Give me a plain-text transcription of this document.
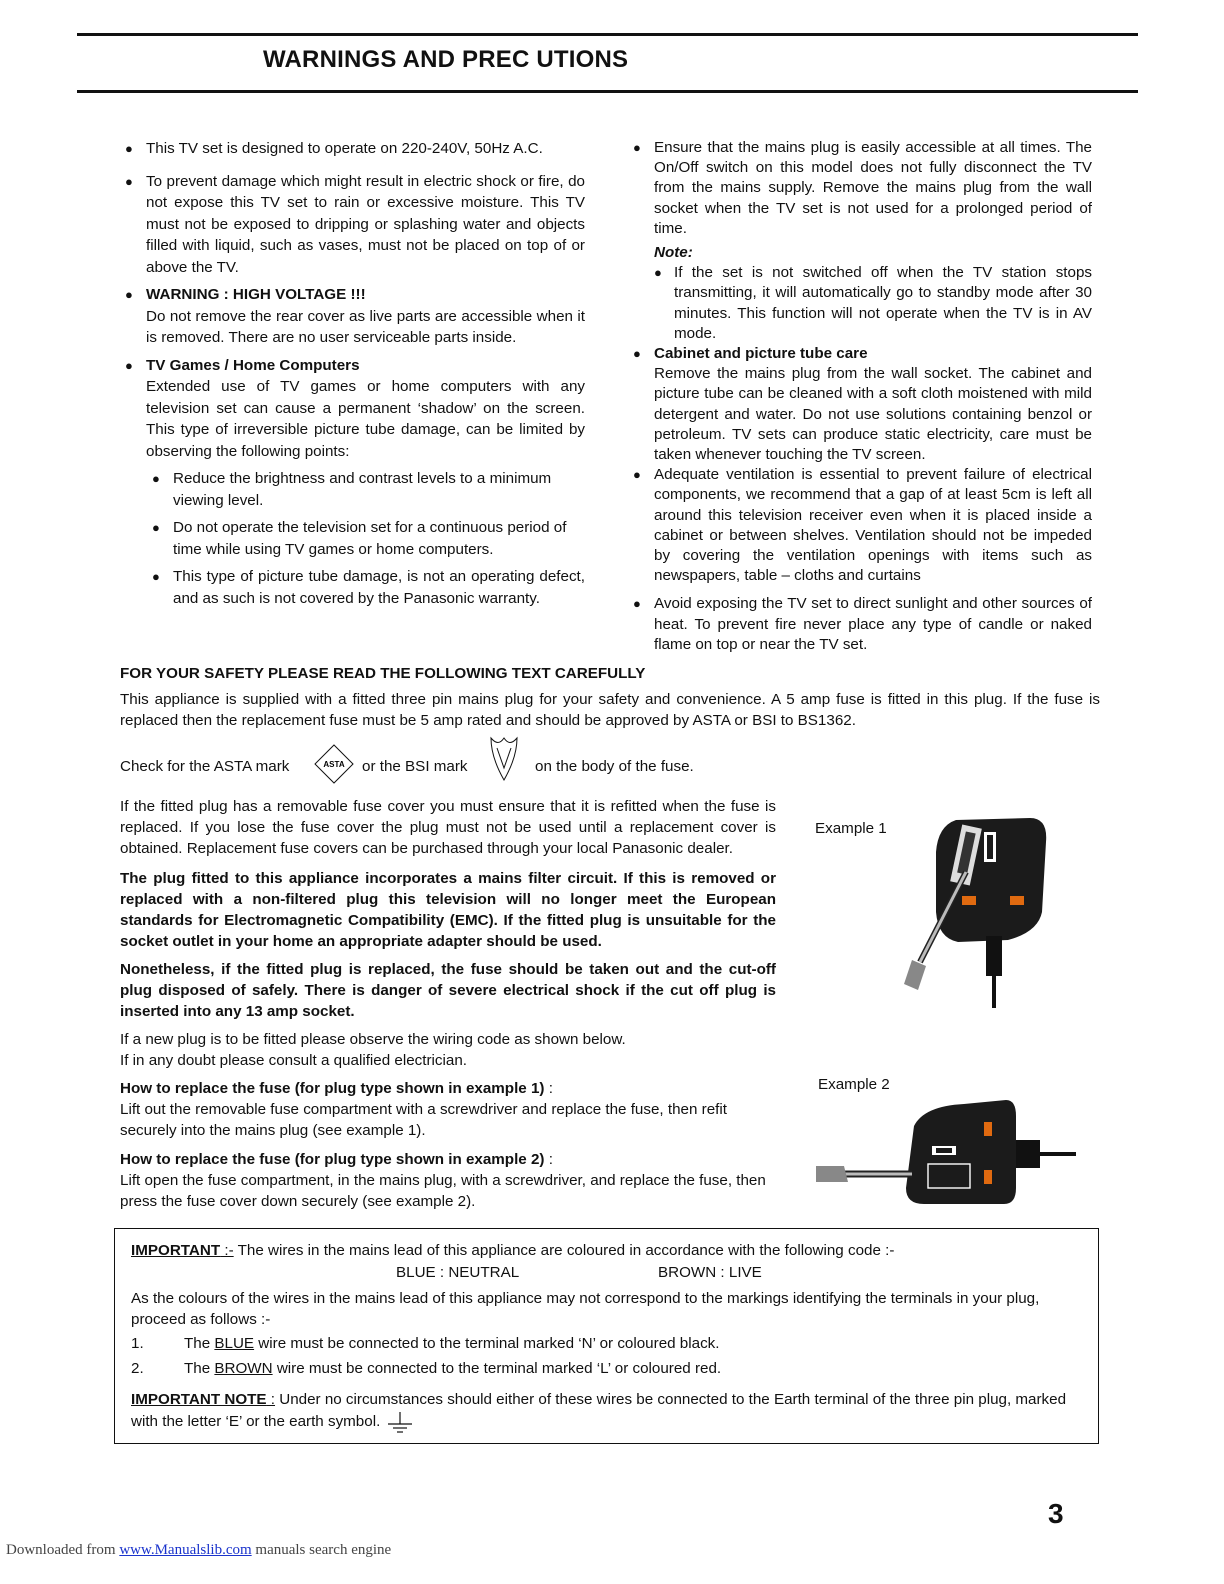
WARNINGS AND PREC UTIONS
● This TV set is designed to operate on 220-240V, 50Hz A.C.
● To prevent damage which might result in electric shock or fire, do not expose this TV set to rain or excessive moisture. This TV must not be exposed to dripping or splashing water and objects filled with liquid, such as vases, must not be placed on top of or above the TV.
● WARNING : HIGH VOLTAGE !!!
Do not remove the rear cover as live parts are accessible when it is removed. There are no user serviceable parts inside.
● TV Games / Home Computers
Extended use of TV games or home computers with any television set can cause a permanent ‘shadow’ on the screen. This type of irreversible picture tube damage, can be limited by observing the following points:
● Reduce the brightness and contrast levels to a minimum viewing level.
● Do not operate the television set for a continuous period of time while using TV games or home computers.
● This type of picture tube damage, is not an operating defect, and as such is not covered by the Panasonic warranty.
● Ensure that the mains plug is easily accessible at all times. The On/Off switch on this model does not fully disconnect the TV from the mains supply. Remove the mains plug from the wall socket when the TV set is not used for a prolonged period of time.
Note:
● If the set is not switched off when the TV station stops transmitting, it will automatically go to standby mode after 30 minutes. This function will not operate when the TV is in AV mode.
● Cabinet and picture tube care
Remove the mains plug from the wall socket. The cabinet and picture tube can be cleaned with a soft cloth moistened with mild detergent and water. Do not use solutions containing benzol or petroleum. TV sets can produce static electricity, care must be taken whenever touching the TV screen.
● Adequate ventilation is essential to prevent failure of electrical components, we recommend that a gap of at least 5cm is left all around this television receiver even when it is placed inside a cabinet or between shelves. Ventilation should not be impeded by covering the ventilation openings with items such as newspapers, table – cloths and curtains
● Avoid exposing the TV set to direct sunlight and other sources of heat. To prevent fire never place any type of candle or naked flame on top or near the TV set.
FOR YOUR SAFETY PLEASE READ THE FOLLOWING TEXT CAREFULLY
This appliance is supplied with a fitted three pin mains plug for your safety and convenience. A 5 amp fuse is fitted in this plug. If the fuse is replaced then the replacement fuse must be 5 amp rated and should be approved by ASTA or BSI to BS1362.
Check for the ASTA mark	ASTA or the BSI mark	on the body of the fuse.
If the fitted plug has a removable fuse cover you must ensure that it is refitted when the fuse is replaced. If you lose the fuse cover the plug must not be used until a replacement cover is obtained. Replacement fuse covers can be purchased through your local Panasonic dealer.
The plug fitted to this appliance incorporates a mains filter circuit. If this is removed or replaced with a non-filtered plug this television will no longer meet the European standards for Electromagnetic Compatibility (EMC). If the fitted plug is unsuitable for the socket outlet in your home an appropriate adapter should be used.
Nonetheless, if the fitted plug is replaced, the fuse should be taken out and the cut-off plug disposed of safely. There is danger of severe electrical shock if the cut off plug is inserted into any 13 amp socket.
If a new plug is to be fitted please observe the wiring code as shown below.
If in any doubt please consult a qualified electrician.
How to replace the fuse (for plug type shown in example 1) :
Lift out the removable fuse compartment with a screwdriver and replace the fuse, then refit securely into the mains plug (see example 1).
How to replace the fuse (for plug type shown in example 2) :
Lift open the fuse compartment, in the mains plug, with a screwdriver, and replace the fuse, then press the fuse cover down securely (see example 2).
Example 1
Example 2
IMPORTANT :- The wires in the mains lead of this appliance are coloured in accordance with the following code :-
BLUE : NEUTRAL	BROWN : LIVE
As the colours of the wires in the mains lead of this appliance may not correspond to the markings identifying the terminals in your plug, proceed as follows :-
1.	The BLUE wire must be connected to the terminal marked ‘N’ or coloured black.
2.	The BROWN wire must be connected to the terminal marked ‘L’ or coloured red.
IMPORTANT NOTE : Under no circumstances should either of these wires be connected to the Earth terminal of the three pin plug, marked with the letter ‘E’ or the earth symbol.
3
Downloaded from www.Manualslib.com manuals search engine
